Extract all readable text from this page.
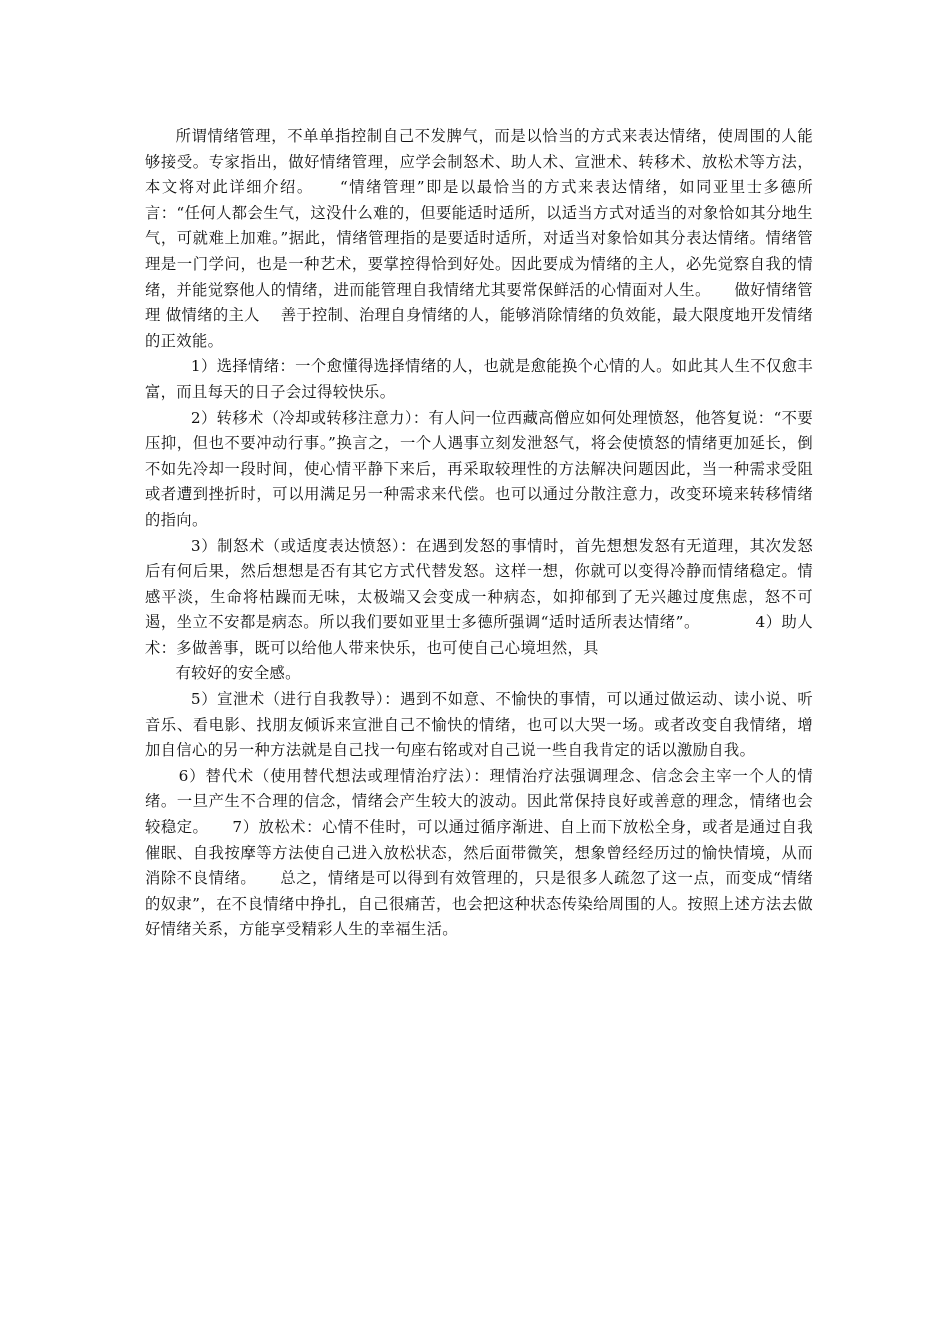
所谓情绪管理，不单单指控制自己不发脾气，而是以恰当的方式来表达情绪，使周围的人能够接受。专家指出，做好情绪管理，应学会制怒术、助人术、宣泄术、转移术、放松术等方法，本文将对此详细介绍。　　“情绪管理”即是以最恰当的方式来表达情绪，如同亚里士多德所言：“任何人都会生气，这没什么难的，但要能适时适所，以适当方式对适当的对象恰如其分地生气，可就难上加难。”据此，情绪管理指的是要适时适所，对适当对象恰如其分表达情绪。情绪管理是一门学问，也是一种艺术，要掌控得恰到好处。因此要成为情绪的主人，必先觉察自我的情绪，并能觉察他人的情绪，进而能管理自我情绪尤其要常保鲜活的心情面对人生。　　做好情绪管理 做情绪的主人　 善于控制、治理自身情绪的人，能够消除情绪的负效能，最大限度地开发情绪的正效能。

1）选择情绪：一个愈懂得选择情绪的人，也就是愈能换个心情的人。如此其人生不仅愈丰富，而且每天的日子会过得较快乐。

2）转移术（冷却或转移注意力）：有人问一位西藏高僧应如何处理愤怒，他答复说：“不要压抑，但也不要冲动行事。”换言之，一个人遇事立刻发泄怒气，将会使愤怒的情绪更加延长，倒不如先冷却一段时间，使心情平静下来后，再采取较理性的方法解决问题因此，当一种需求受阻或者遭到挫折时，可以用满足另一种需求来代偿。也可以通过分散注意力，改变环境来转移情绪的指向。

3）制怒术（或适度表达愤怒）：在遇到发怒的事情时，首先想想发怒有无道理，其次发怒后有何后果，然后想想是否有其它方式代替发怒。这样一想，你就可以变得冷静而情绪稳定。情感平淡，生命将枯躁而无味，太极端又会变成一种病态，如抑郁到了无兴趣过度焦虑，怒不可遏，坐立不安都是病态。所以我们要如亚里士多德所强调“适时适所表达情绪”。　　　　4）助人术：多做善事，既可以给他人带来快乐，也可使自己心境坦然，具

有较好的安全感。

5）宣泄术（进行自我教导）：遇到不如意、不愉快的事情，可以通过做运动、读小说、听音乐、看电影、找朋友倾诉来宣泄自己不愉快的情绪，也可以大哭一场。或者改变自我情绪，增加自信心的另一种方法就是自己找一句座右铭或对自己说一些自我肯定的话以激励自我。

6）替代术（使用替代想法或理情治疗法）：理情治疗法强调理念、信念会主宰一个人的情绪。一旦产生不合理的信念，情绪会产生较大的波动。因此常保持良好或善意的理念，情绪也会较稳定。　　7）放松术：心情不佳时，可以通过循序渐进、自上而下放松全身，或者是通过自我催眠、自我按摩等方法使自己进入放松状态，然后面带微笑，想象曾经经历过的愉快情境，从而消除不良情绪。　　总之，情绪是可以得到有效管理的，只是很多人疏忽了这一点，而变成“情绪的奴隶”，在不良情绪中挣扎，自己很痛苦，也会把这种状态传染给周围的人。按照上述方法去做好情绪关系，方能享受精彩人生的幸福生活。
